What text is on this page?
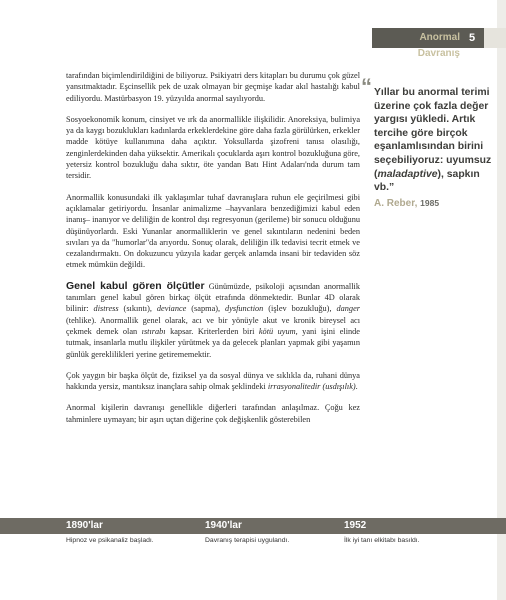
Anormal Davranış
5

tarafından biçimlendirildiğini de biliyoruz. Psikiyatri ders kitapları bu durumu çok güzel yansıtmaktadır. Eşcinsellik pek de uzak olmayan bir geçmişe kadar akıl hastalığı kabul ediliyordu. Mastürbasyon 19. yüzyılda anormal sayılıyordu.

Sosyoekonomik konum, cinsiyet ve ırk da anormallikle ilişkilidir. Anoreksiya, bulimiya ya da kaygı bozuklukları kadınlarda erkeklerdekine göre daha fazla görülürken, erkekler madde kötüye kullanımına daha açıktır. Yoksullarda şizofreni tanısı olasılığı, zenginlerdekinden daha yüksektir. Amerikalı çocuklarda aşırı kontrol bozukluğuna göre, yetersiz kontrol bozukluğu daha sıktır, öte yandan Batı Hint Adaları'nda durum tam tersidir.

Anormallik konusundaki ilk yaklaşımlar tuhaf davranışlara ruhun ele geçirilmesi gibi açıklamalar getiriyordu. İnsanlar animalizme –hayvanlara benzediğimizi kabul eden inanış– inanıyor ve deliliğin de kontrol dışı regresyonun (gerileme) bir sonucu olduğunu düşünüyorlardı. Eski Yunanlar anormalliklerin ve genel sıkıntıların nedenini beden sıvıları ya da "humorlar"da arıyordu. Sonuç olarak, deliliğin ilk tedavisi tecrit etmek ve cezalandırmaktı. On dokuzuncu yüzyıla kadar gerçek anlamda insani bir tedaviden söz etmek mümkün değildi.

Genel kabul gören ölçütler Günümüzde, psikoloji açısından anormallik tanımları genel kabul gören birkaç ölçüt etrafında dönmektedir. Bunlar 4D olarak bilinir: distress (sıkıntı), deviance (sapma), dysfunction (işlev bozukluğu), danger (tehlike). Anormallik genel olarak, acı ve bir yönüyle akut ve kronik bireysel acı çekmek demek olan ıstırabı kapsar. Kriterlerden biri kötü uyum, yani işini elinde tutmak, insanlarla mutlu ilişkiler yürütmek ya da gelecek planları yapmak gibi yaşamın günlük gereklilikleri yerine getirememektir.

Çok yaygın bir başka ölçüt de, fiziksel ya da sosyal dünya ve sıklıkla da, ruhani dünya hakkında yersiz, mantıksız inançlara sahip olmak şeklindeki irrasyonalitedir (usdışılık).

Anormal kişilerin davranışı genellikle diğerleri tarafından anlaşılmaz. Çoğu kez tahminlere uymayan; bir aşırı uçtan diğerine çok değişkenlik gösterebilen

“ Yıllar bu anormal terimi üzerine çok fazla değer yargısı yükledi. Artık tercihe göre birçok eşanlamlısından birini seçebiliyoruz: uyumsuz (maladaptive), sapkın vb.”
A. Reber, 1985
1890'lar	1940'lar	1952
Hipnoz ve psikanaliz başladı.	Davranış terapisi uygulandı.	İlk iyi tanı elkitabı basıldı.
